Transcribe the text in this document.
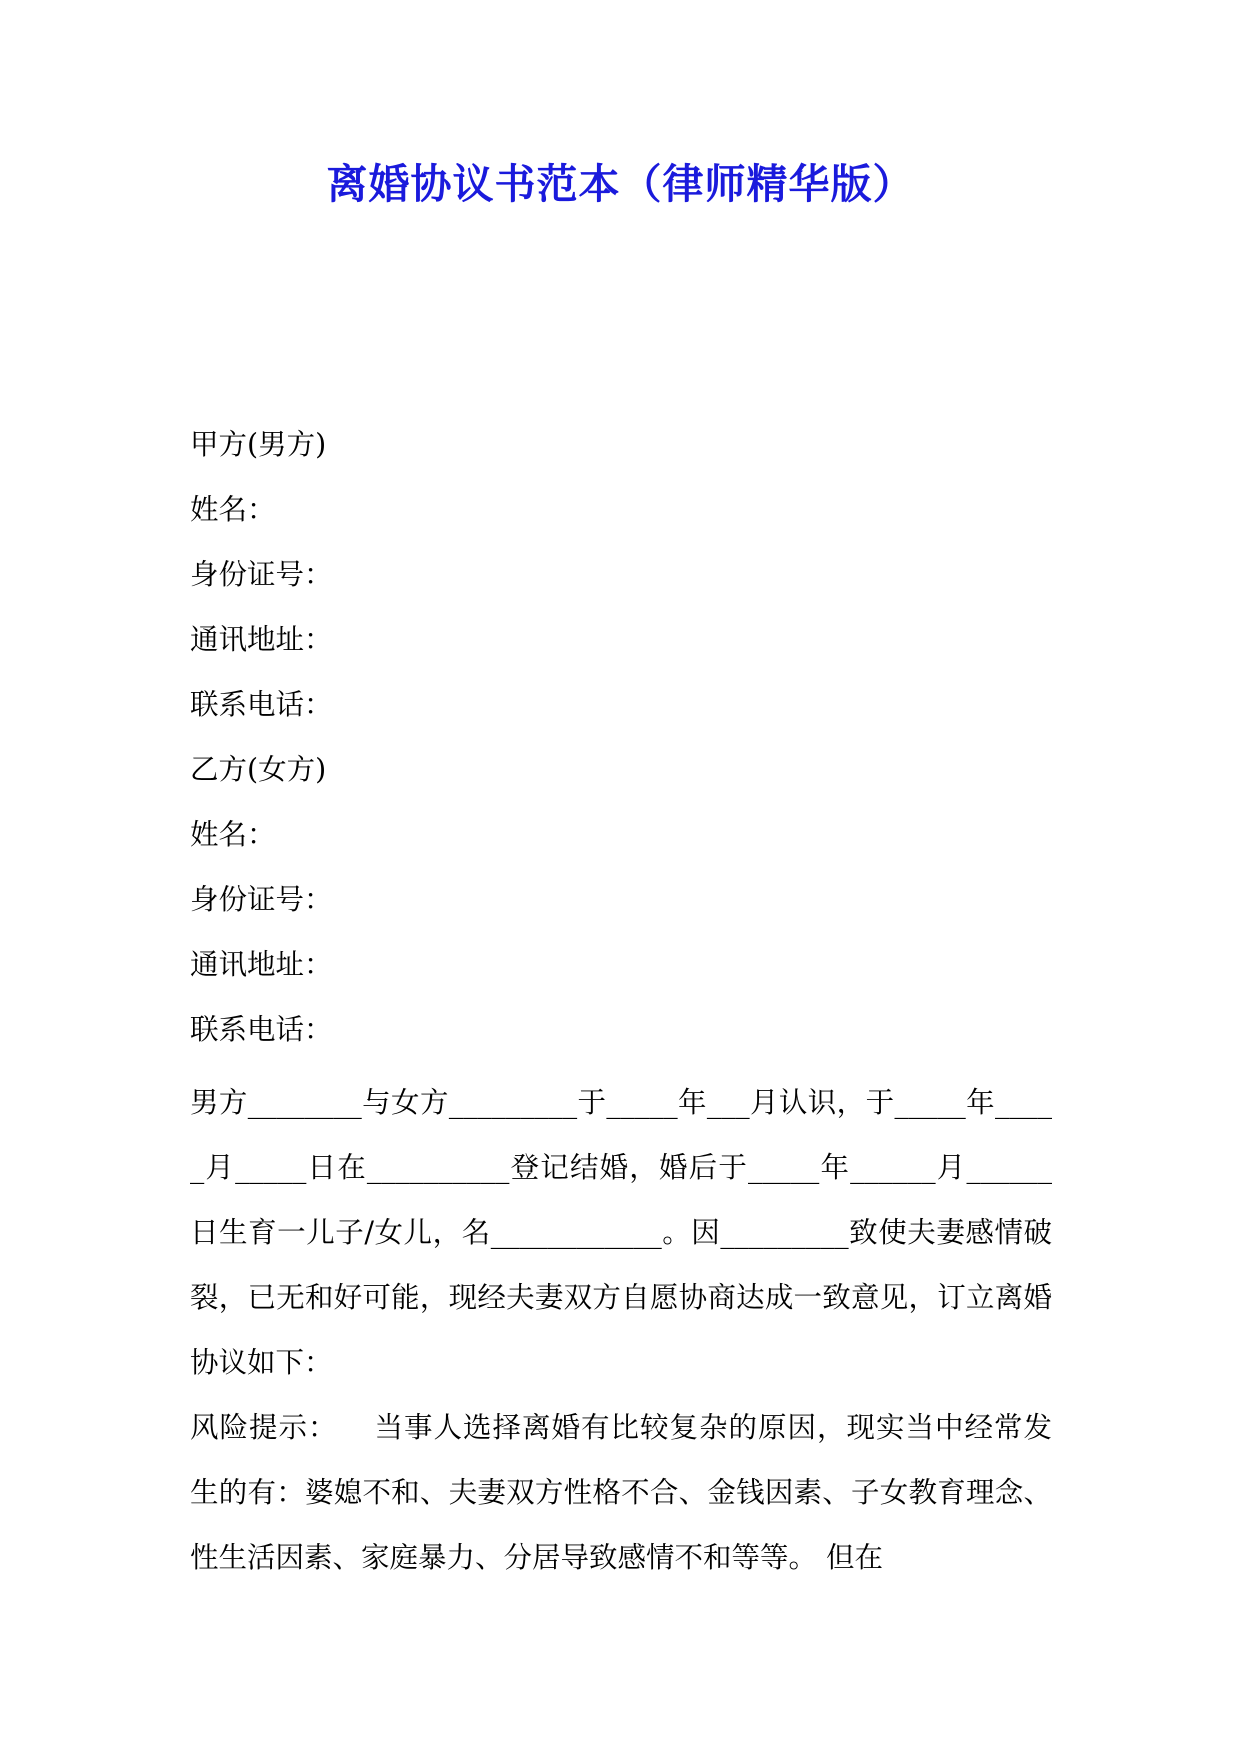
离婚协议书范本（律师精华版）
甲方(男方)
姓名：
身份证号：
通讯地址：
联系电话：
乙方(女方)
姓名：
身份证号：
通讯地址：
联系电话：
男方________与女方_________于_____年___月认识，于_____年_____月_____日在__________登记结婚，婚后于_____年______月______日生育一儿子/女儿，名____________。因_________致使夫妻感情破裂，已无和好可能，现经夫妻双方自愿协商达成一致意见，订立离婚协议如下：
风险提示： 当事人选择离婚有比较复杂的原因，现实当中经常发生的有：婆媳不和、夫妻双方性格不合、金钱因素、子女教育理念、性生活因素、家庭暴力、分居导致感情不和等等。 但在
